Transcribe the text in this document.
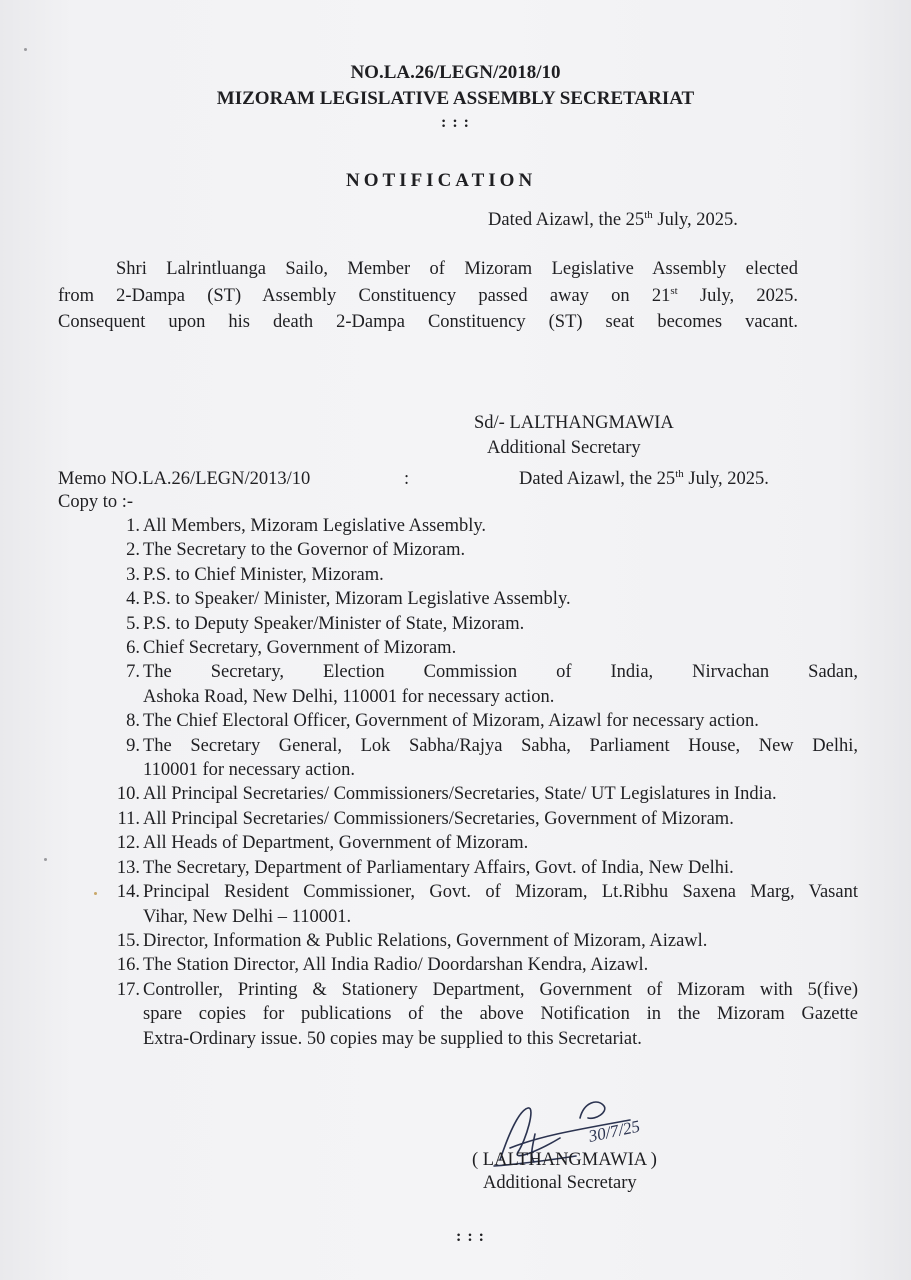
NO.LA.26/LEGN/2018/10
MIZORAM LEGISLATIVE ASSEMBLY SECRETARIAT
: : :
NOTIFICATION
Dated Aizawl, the 25th July, 2025.
Shri Lalrintluanga Sailo, Member of Mizoram Legislative Assembly elected
from 2-Dampa (ST) Assembly Constituency passed away on 21st July, 2025.
Consequent upon his death 2-Dampa Constituency (ST) seat becomes vacant.
Sd/- LALTHANGMAWIA
Additional Secretary
Memo NO.LA.26/LEGN/2013/10	:	Dated Aizawl, the 25th July, 2025.
Copy to :-
1. All Members, Mizoram Legislative Assembly.
2. The Secretary to the Governor of Mizoram.
3. P.S. to Chief Minister, Mizoram.
4. P.S. to Speaker/ Minister, Mizoram Legislative Assembly.
5. P.S. to Deputy Speaker/Minister of State, Mizoram.
6. Chief Secretary, Government of Mizoram.
7. The Secretary, Election Commission of India, Nirvachan Sadan,
Ashoka Road, New Delhi, 110001 for necessary action.
8. The Chief Electoral Officer, Government of Mizoram, Aizawl for necessary action.
9. The Secretary General, Lok Sabha/Rajya Sabha, Parliament House, New Delhi,
110001 for necessary action.
10. All Principal Secretaries/ Commissioners/Secretaries, State/ UT Legislatures in India.
11. All Principal Secretaries/ Commissioners/Secretaries, Government of Mizoram.
12. All Heads of Department, Government of Mizoram.
13. The Secretary, Department of Parliamentary Affairs, Govt. of India, New Delhi.
14. Principal Resident Commissioner, Govt. of Mizoram, Lt.Ribhu Saxena Marg, Vasant
Vihar, New Delhi – 110001.
15. Director, Information & Public Relations, Government of Mizoram, Aizawl.
16. The Station Director, All India Radio/ Doordarshan Kendra, Aizawl.
17. Controller, Printing & Stationery Department, Government of Mizoram with 5(five)
spare copies for publications of the above Notification in the Mizoram Gazette
Extra-Ordinary issue. 50 copies may be supplied to this Secretariat.
30/7/25
( LALTHANGMAWIA )
Additional Secretary
: : :
